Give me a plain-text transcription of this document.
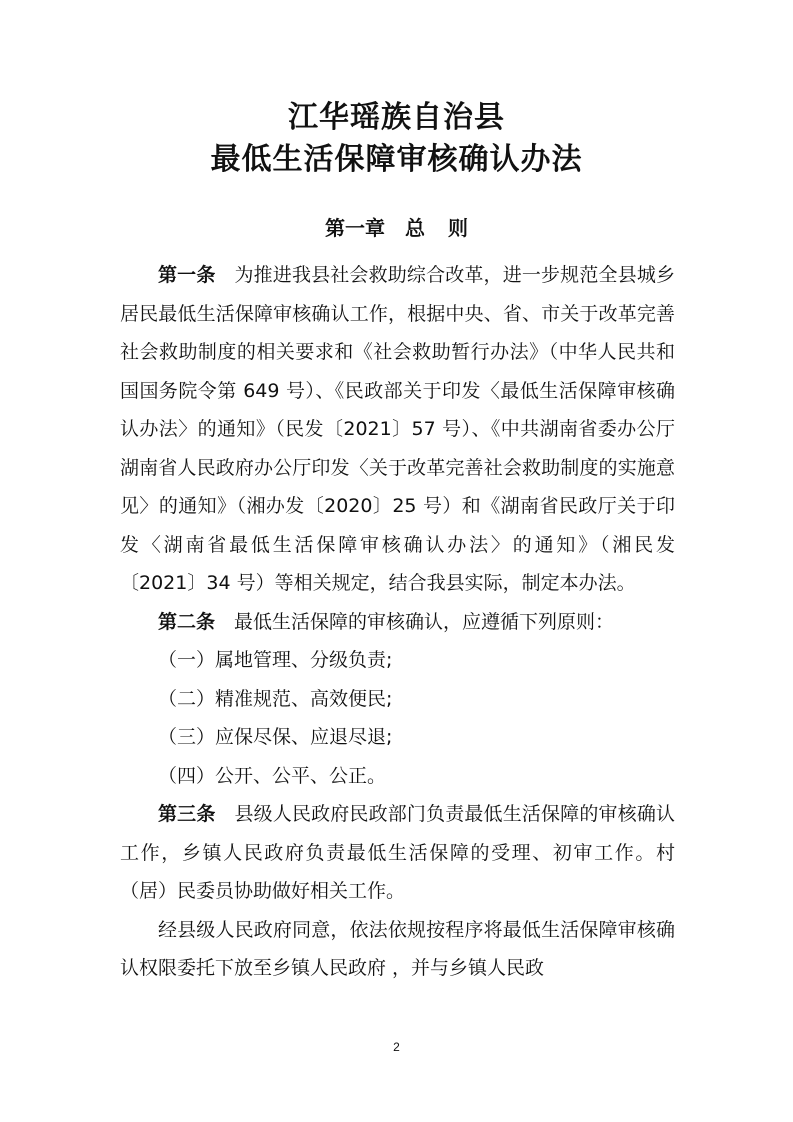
江华瑶族自治县
最低生活保障审核确认办法
第一章 总 则

第一条 为推进我县社会救助综合改革，进一步规范全县城乡居民最低生活保障审核确认工作，根据中央、省、市关于改革完善社会救助制度的相关要求和《社会救助暂行办法》（中华人民共和国国务院令第 649 号）、《民政部关于印发〈最低生活保障审核确认办法〉的通知》（民发〔2021〕57 号）、《中共湖南省委办公厅湖南省人民政府办公厅印发〈关于改革完善社会救助制度的实施意见〉的通知》（湘办发〔2020〕25 号）和《湖南省民政厅关于印发〈湖南省最低生活保障审核确认办法〉的通知》（湘民发〔2021〕34 号）等相关规定，结合我县实际，制定本办法。

第二条 最低生活保障的审核确认，应遵循下列原则：

（一）属地管理、分级负责;

（二）精准规范、高效便民;

（三）应保尽保、应退尽退;

（四）公开、公平、公正。

第三条 县级人民政府民政部门负责最低生活保障的审核确认工作，乡镇人民政府负责最低生活保障的受理、初审工作。村（居）民委员协助做好相关工作。

经县级人民政府同意，依法依规按程序将最低生活保障审核确认权限委托下放至乡镇人民政府 ，并与乡镇人民政

2
